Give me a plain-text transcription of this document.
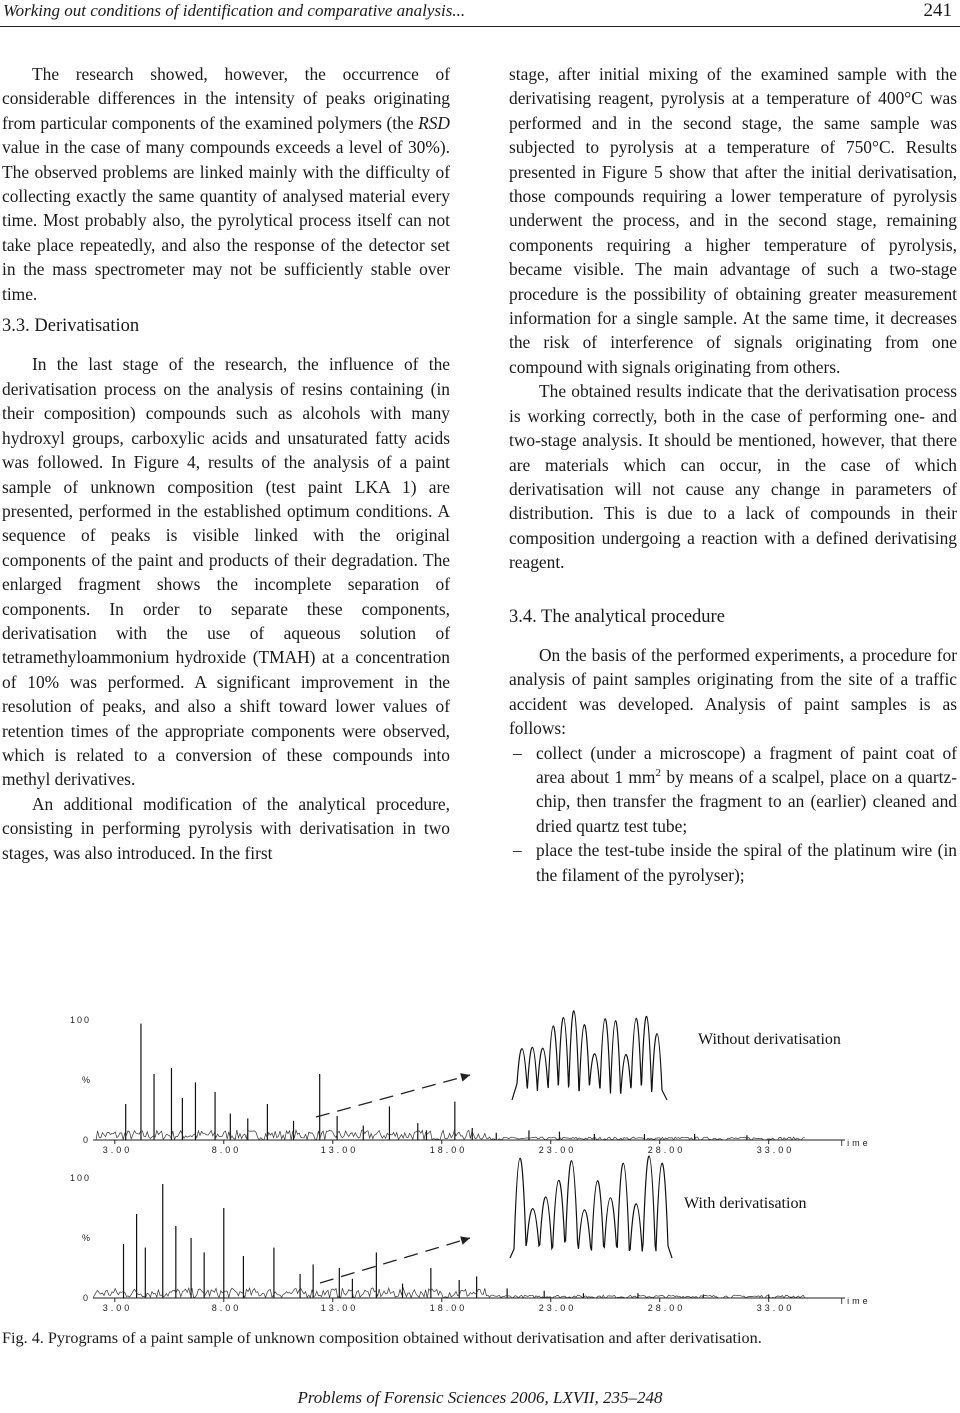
Working out conditions of identification and comparative analysis...	241

The research showed, however, the occurrence of considerable differences in the intensity of peaks originating from particular components of the examined polymers (the RSD value in the case of many compounds exceeds a level of 30%). The observed problems are linked mainly with the difficulty of collecting exactly the same quantity of analysed material every time. Most probably also, the pyrolytical process itself can not take place repeatedly, and also the response of the detector set in the mass spectrometer may not be sufficiently stable over time.

3.3. Derivatisation

In the last stage of the research, the influence of the derivatisation process on the analysis of resins containing (in their composition) compounds such as alcohols with many hydroxyl groups, carboxylic acids and unsaturated fatty acids was followed. In Figure 4, results of the analysis of a paint sample of unknown composition (test paint LKA 1) are presented, performed in the established optimum conditions. A sequence of peaks is visible linked with the original components of the paint and products of their degradation. The enlarged fragment shows the incomplete separation of components. In order to separate these components, derivatisation with the use of aqueous solution of tetramethyloammonium hydroxide (TMAH) at a concentration of 10% was performed. A significant improvement in the resolution of peaks, and also a shift toward lower values of retention times of the appropriate components were observed, which is related to a conversion of these compounds into methyl derivatives.

An additional modification of the analytical procedure, consisting in performing pyrolysis with derivatisation in two stages, was also introduced. In the first

stage, after initial mixing of the examined sample with the derivatising reagent, pyrolysis at a temperature of 400°C was performed and in the second stage, the same sample was subjected to pyrolysis at a temperature of 750°C. Results presented in Figure 5 show that after the initial derivatisation, those compounds requiring a lower temperature of pyrolysis underwent the process, and in the second stage, remaining components requiring a higher temperature of pyrolysis, became visible. The main advantage of such a two-stage procedure is the possibility of obtaining greater measurement information for a single sample. At the same time, it decreases the risk of interference of signals originating from one compound with signals originating from others.

The obtained results indicate that the derivatisation process is working correctly, both in the case of performing one- and two-stage analysis. It should be mentioned, however, that there are materials which can occur, in the case of which derivatisation will not cause any change in parameters of distribution. This is due to a lack of compounds in their composition undergoing a reaction with a defined derivatising reagent.

3.4. The analytical procedure

On the basis of the performed experiments, a procedure for analysis of paint samples originating from the site of a traffic accident was developed. Analysis of paint samples is as follows:

– collect (under a microscope) a fragment of paint coat of area about 1 $mm^2$ by means of a scalpel, place on a quartz-chip, then transfer the fragment to an (earlier) cleaned and dried quartz test tube;
– place the test-tube inside the spiral of the platinum wire (in the filament of the pyrolyser);
100
%
0
3.00	8.00	13.00	18.00	23.00	28.00	33.00
Time
Without derivatisation
100
%
0
3.00	8.00	13.00	18.00	23.00	28.00	33.00
Time
With derivatisation
Fig. 4. Pyrograms of a paint sample of unknown composition obtained without derivatisation and after derivatisation.
Problems of Forensic Sciences 2006, LXVII, 235–248
